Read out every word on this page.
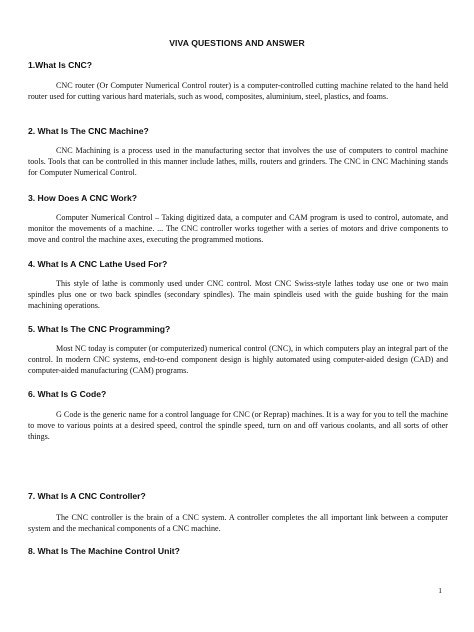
VIVA QUESTIONS AND ANSWER
1.What Is CNC?

CNC router (Or Computer Numerical Control router) is a computer-controlled cutting machine related to the hand held router used for cutting various hard materials, such as wood, composites, aluminium, steel, plastics, and foams.

2. What Is The CNC Machine?

CNC Machining is a process used in the manufacturing sector that involves the use of computers to control machine tools. Tools that can be controlled in this manner include lathes, mills, routers and grinders. The CNC in CNC Machining stands for Computer Numerical Control.

3. How Does A CNC Work?

Computer Numerical Control – Taking digitized data, a computer and CAM program is used to control, automate, and monitor the movements of a machine. ... The CNC controller works together with a series of motors and drive components to move and control the machine axes, executing the programmed motions.

4. What Is A CNC Lathe Used For?

This style of lathe is commonly used under CNC control. Most CNC Swiss-style lathes today use one or two main spindles plus one or two back spindles (secondary spindles). The main spindleis used with the guide bushing for the main machining operations.

5. What Is The CNC Programming?

Most NC today is computer (or computerized) numerical control (CNC), in which computers play an integral part of the control. In modern CNC systems, end-to-end component design is highly automated using computer-aided design (CAD) and computer-aided manufacturing (CAM) programs.

6. What Is G Code?

G Code is the generic name for a control language for CNC (or Reprap) machines. It is a way for you to tell the machine to move to various points at a desired speed, control the spindle speed, turn on and off various coolants, and all sorts of other things.

7. What Is A CNC Controller?

The CNC controller is the brain of a CNC system. A controller completes the all important link between a computer system and the mechanical components of a CNC machine.

8. What Is The Machine Control Unit?
1
